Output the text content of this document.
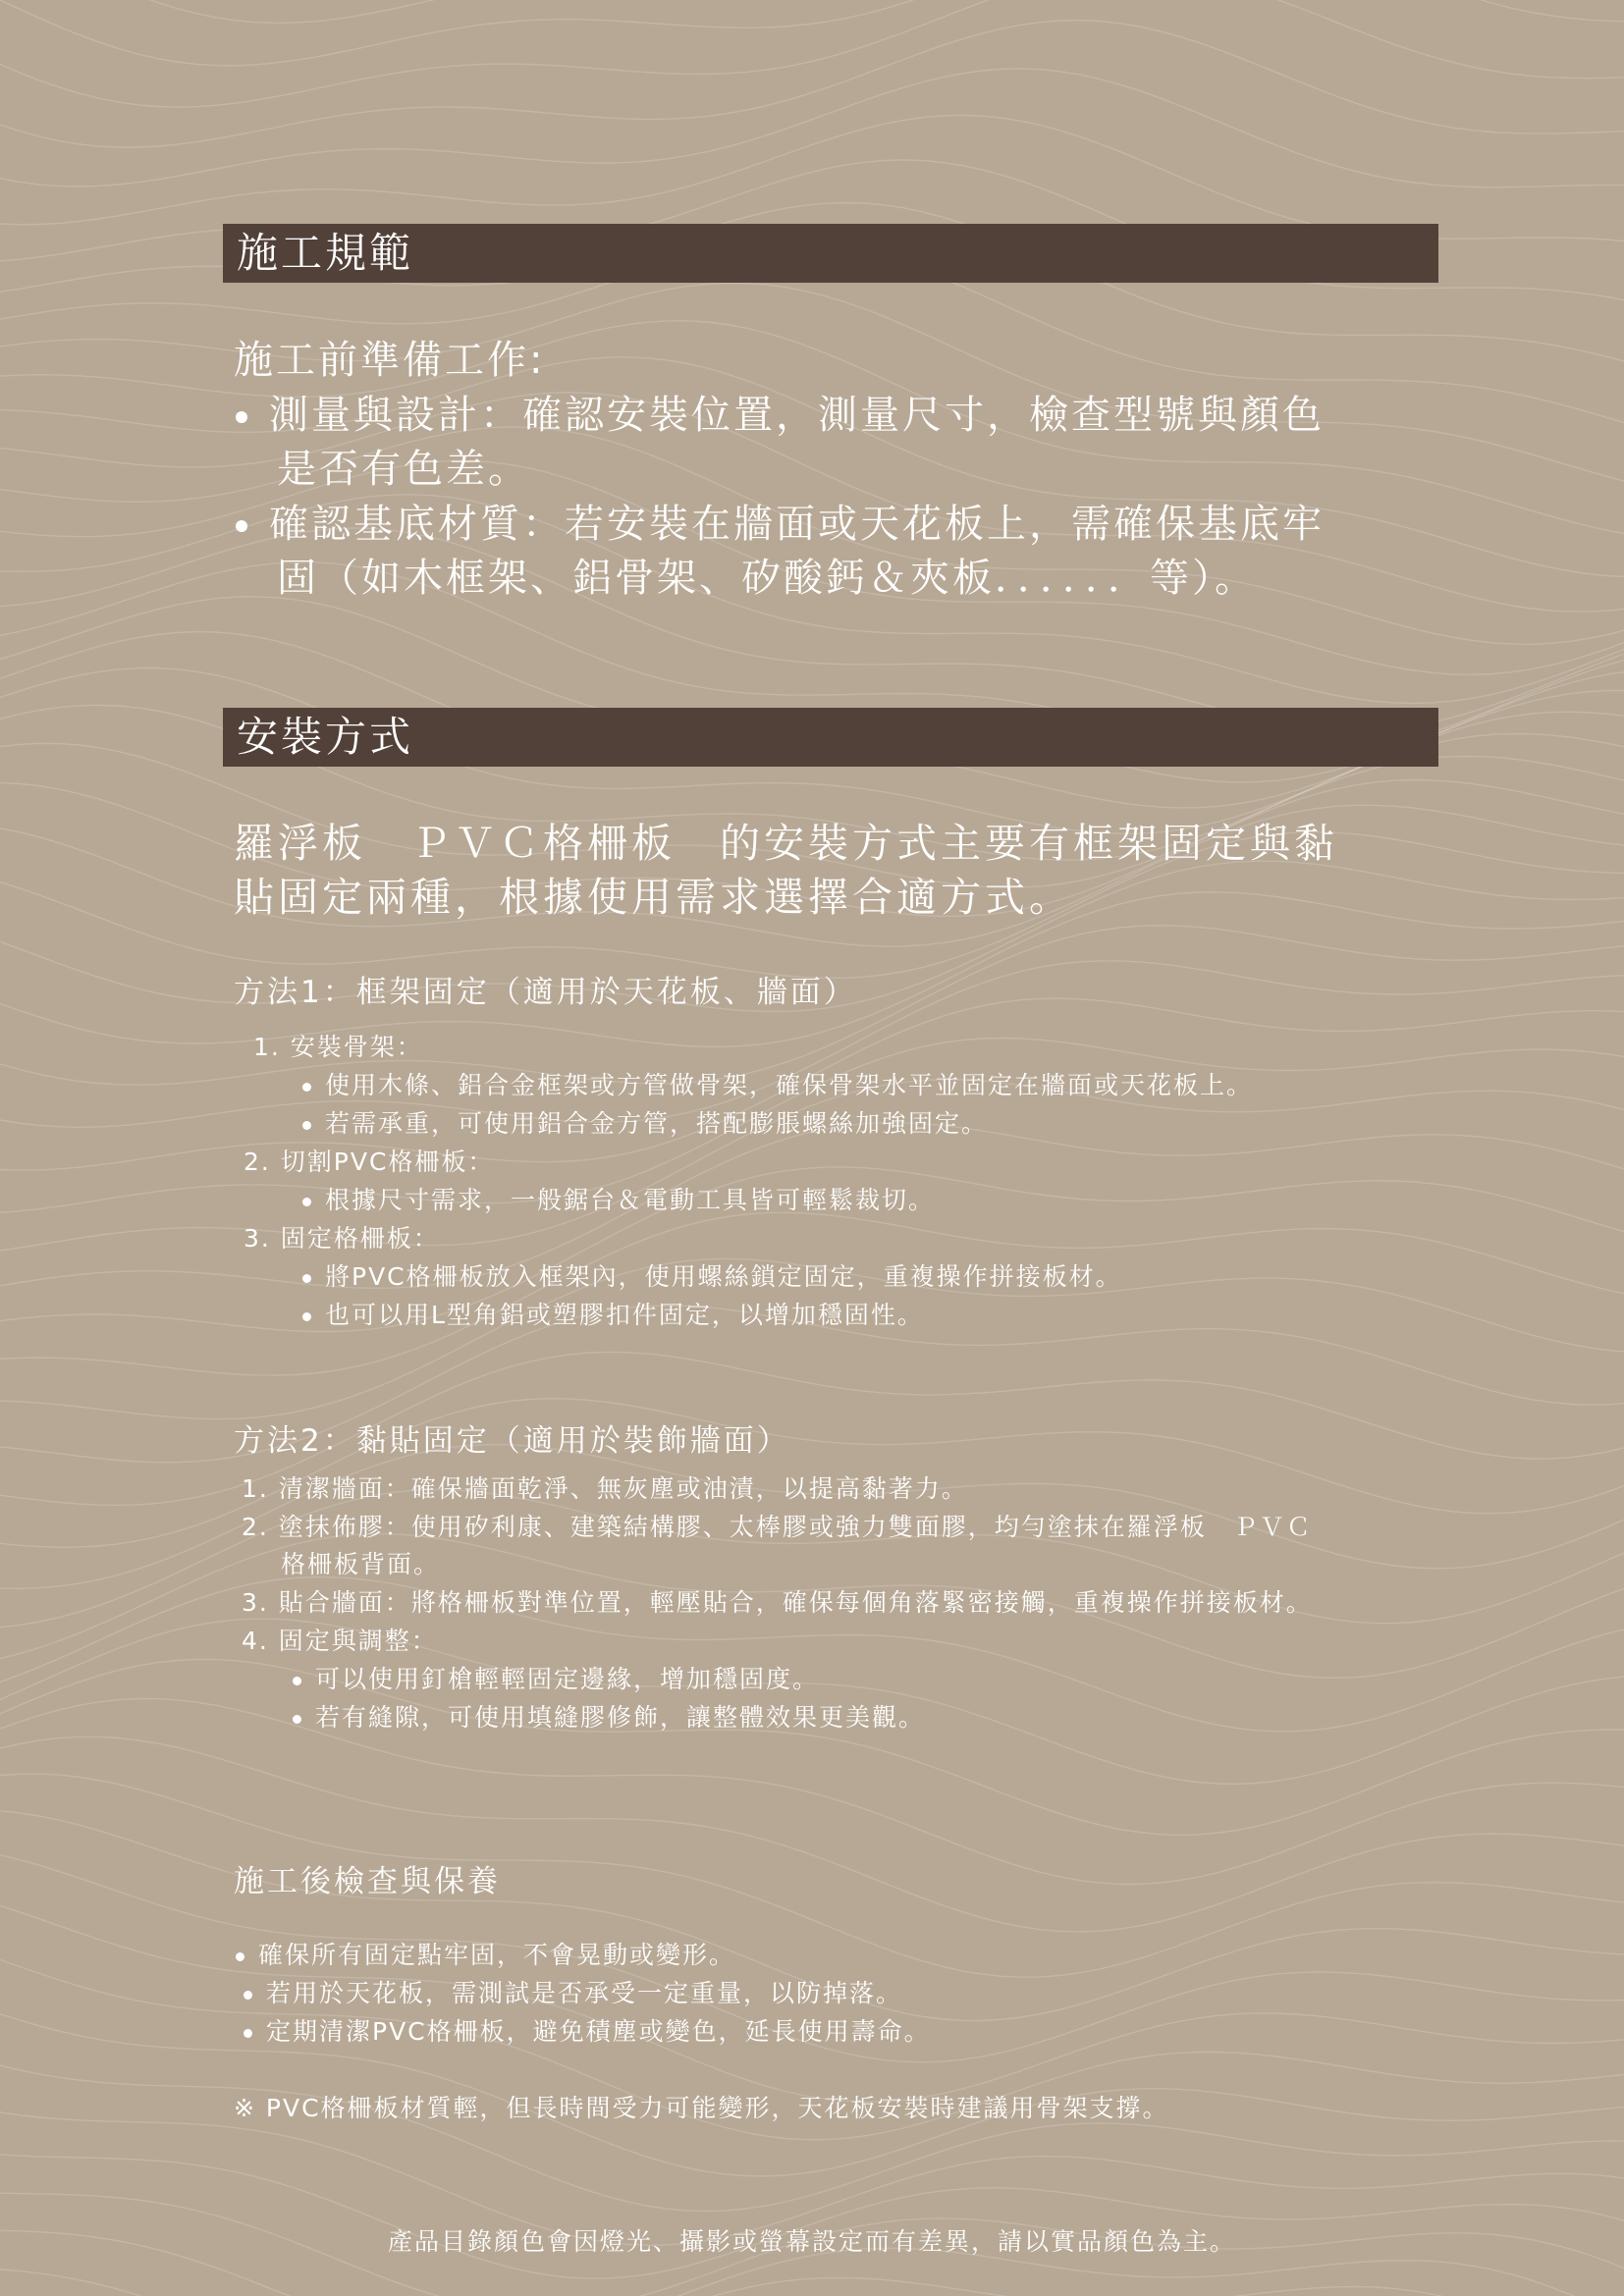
施工規範
施工前準備工作:
測量與設計：確認安裝位置，測量尺寸，檢查型號與顏色
是否有色差。
確認基底材質：若安裝在牆面或天花板上，需確保基底牢
固（如木框架、鋁骨架、矽酸鈣＆夾板．．．．．．等）。
安裝方式
羅浮板　ＰＶＣ格柵板　的安裝方式主要有框架固定與黏
貼固定兩種，根據使用需求選擇合適方式。
方法1：框架固定（適用於天花板、牆面）
1. 安裝骨架：
使用木條、鋁合金框架或方管做骨架，確保骨架水平並固定在牆面或天花板上。
若需承重，可使用鋁合金方管，搭配膨脹螺絲加強固定。
2. 切割PVC格柵板：
根據尺寸需求，一般鋸台＆電動工具皆可輕鬆裁切。
3. 固定格柵板：
將PVC格柵板放入框架內，使用螺絲鎖定固定，重複操作拼接板材。
也可以用L型角鋁或塑膠扣件固定，以增加穩固性。
方法2：黏貼固定（適用於裝飾牆面）
1. 清潔牆面：確保牆面乾淨、無灰塵或油漬，以提高黏著力。
2. 塗抹佈膠：使用矽利康、建築結構膠、太棒膠或強力雙面膠，均勻塗抹在羅浮板　ＰＶＣ
格柵板背面。
3. 貼合牆面：將格柵板對準位置，輕壓貼合，確保每個角落緊密接觸，重複操作拼接板材。
4. 固定與調整：
可以使用釘槍輕輕固定邊緣，增加穩固度。
若有縫隙，可使用填縫膠修飾，讓整體效果更美觀。
施工後檢查與保養
確保所有固定點牢固，不會晃動或變形。
若用於天花板，需測試是否承受一定重量，以防掉落。
定期清潔PVC格柵板，避免積塵或變色，延長使用壽命。
※ PVC格柵板材質輕，但長時間受力可能變形，天花板安裝時建議用骨架支撐。
產品目錄顏色會因燈光、攝影或螢幕設定而有差異，請以實品顏色為主。
